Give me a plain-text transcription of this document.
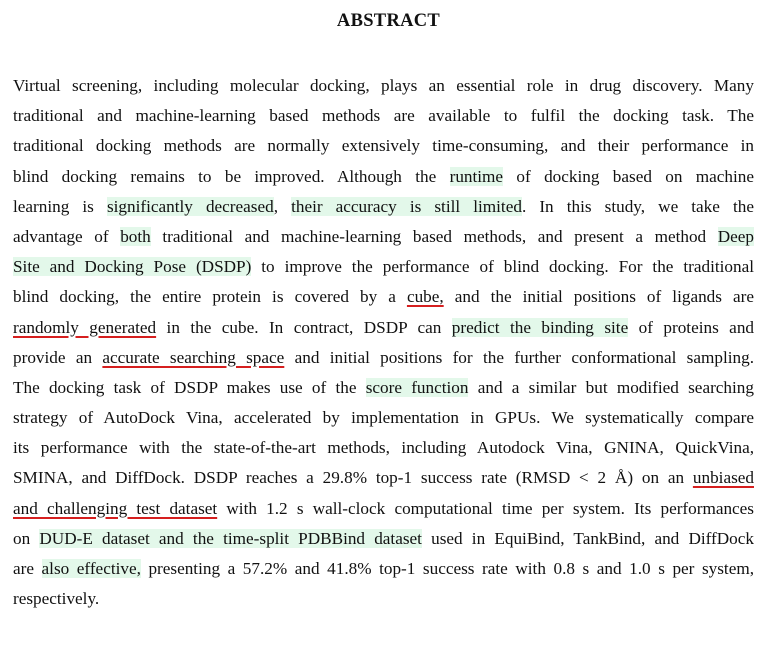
ABSTRACT
Virtual screening, including molecular docking, plays an essential role in drug discovery. Many
traditional and machine-learning based methods are available to fulfil the docking task. The
traditional docking methods are normally extensively time-consuming, and their performance in
blind docking remains to be improved. Although the runtime of docking based on machine
learning is significantly decreased, their accuracy is still limited. In this study, we take the
advantage of both traditional and machine-learning based methods, and present a method Deep
Site and Docking Pose (DSDP) to improve the performance of blind docking. For the traditional
blind docking, the entire protein is covered by a cube, and the initial positions of ligands are
randomly generated in the cube. In contract, DSDP can predict the binding site of proteins and
provide an accurate searching space and initial positions for the further conformational sampling.
The docking task of DSDP makes use of the score function and a similar but modified searching
strategy of AutoDock Vina, accelerated by implementation in GPUs. We systematically compare
its performance with the state-of-the-art methods, including Autodock Vina, GNINA, QuickVina,
SMINA, and DiffDock. DSDP reaches a 29.8% top-1 success rate (RMSD < 2 Å) on an unbiased
and challenging test dataset with 1.2 s wall-clock computational time per system. Its performances
on DUD-E dataset and the time-split PDBBind dataset used in EquiBind, TankBind, and DiffDock
are also effective, presenting a 57.2% and 41.8% top-1 success rate with 0.8 s and 1.0 s per system,
respectively.
